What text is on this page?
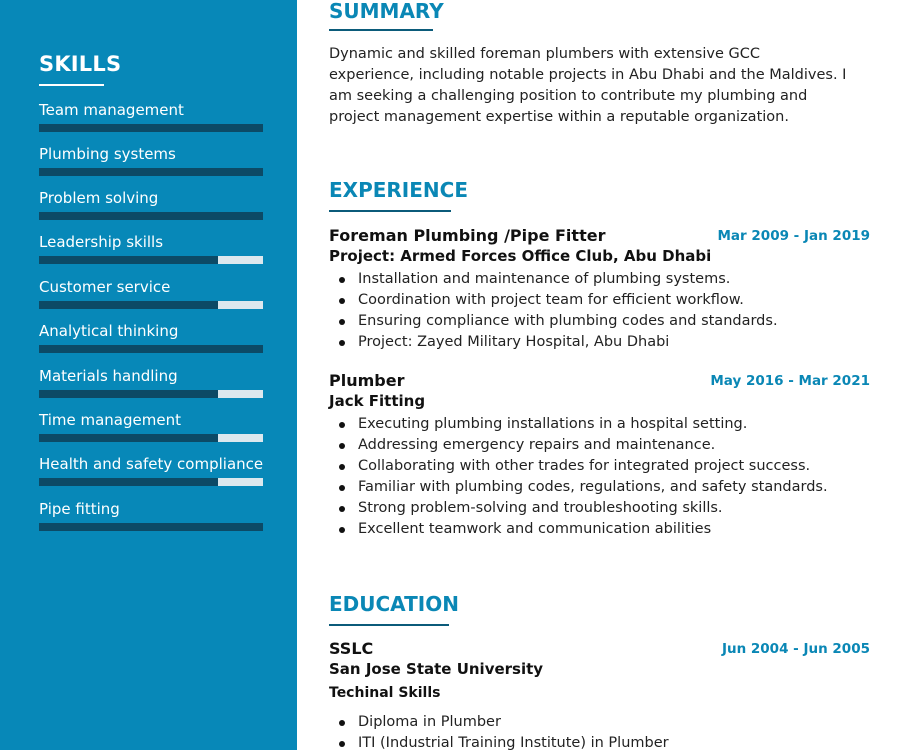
SKILLS
Team management
Plumbing systems
Problem solving
Leadership skills
Customer service
Analytical thinking
Materials handling
Time management
Health and safety compliance
Pipe fitting
SUMMARY
Dynamic and skilled foreman plumbers with extensive GCC experience, including notable projects in Abu Dhabi and the Maldives. I am seeking a challenging position to contribute my plumbing and project management expertise within a reputable organization.
EXPERIENCE
Foreman Plumbing /Pipe Fitter	Mar 2009 - Jan 2019
Project: Armed Forces Office Club, Abu Dhabi
Installation and maintenance of plumbing systems.
Coordination with project team for efficient workflow.
Ensuring compliance with plumbing codes and standards.
Project: Zayed Military Hospital, Abu Dhabi
Plumber	May 2016 - Mar 2021
Jack Fitting
Executing plumbing installations in a hospital setting.
Addressing emergency repairs and maintenance.
Collaborating with other trades for integrated project success.
Familiar with plumbing codes, regulations, and safety standards.
Strong problem-solving and troubleshooting skills.
Excellent teamwork and communication abilities
EDUCATION
SSLC	Jun 2004 - Jun 2005
San Jose State University
Techinal Skills
Diploma in Plumber
ITI (Industrial Training Institute) in Plumber
